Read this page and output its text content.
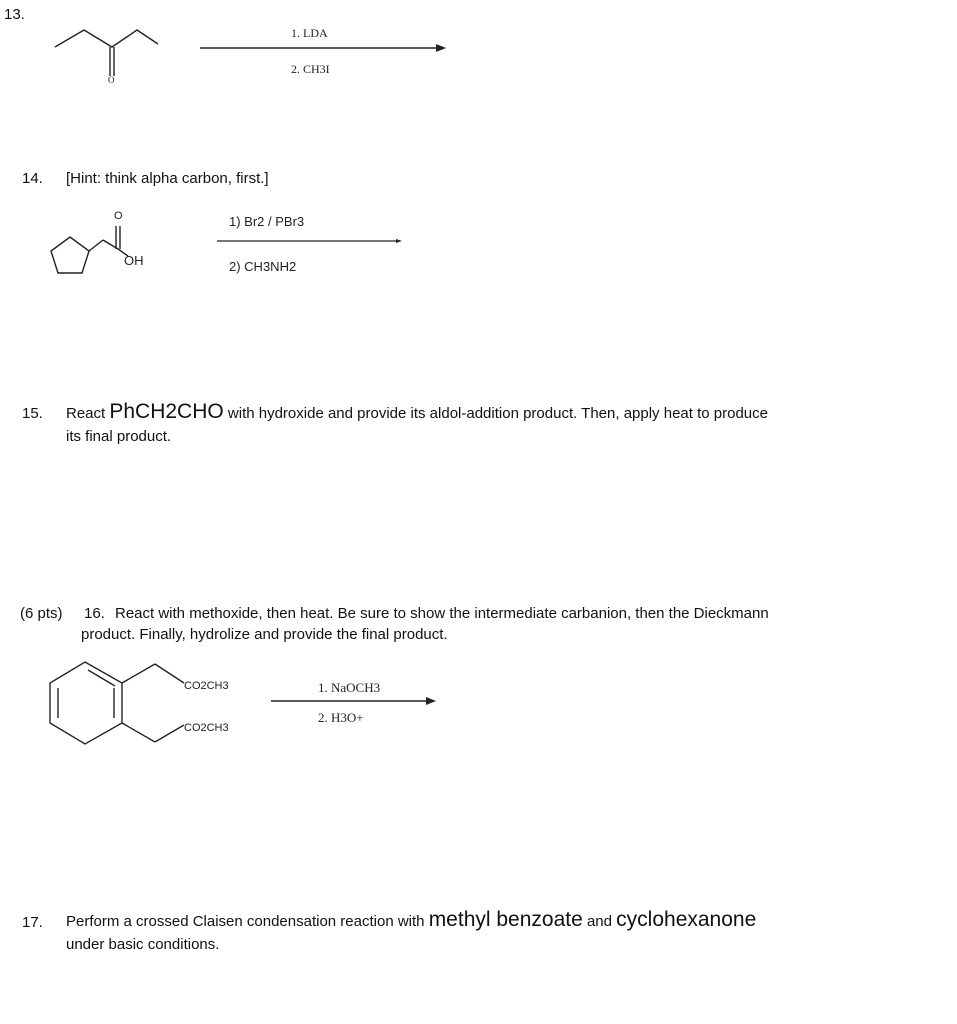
13.
O
1. LDA
2. CH3I
14. [Hint: think alpha carbon, first.]
O
OH
1) Br2 / PBr3
2) CH3NH2
15. React PhCH2CHO with hydroxide and provide its aldol-addition product. Then, apply heat to produce
its final product.
(6 pts) 16. React with methoxide, then heat. Be sure to show the intermediate carbanion, then the Dieckmann
product. Finally, hydrolize and provide the final product.
CO2CH3
CO2CH3
1. NaOCH3
2. H3O+
17. Perform a crossed Claisen condensation reaction with methyl benzoate and cyclohexanone
under basic conditions.
